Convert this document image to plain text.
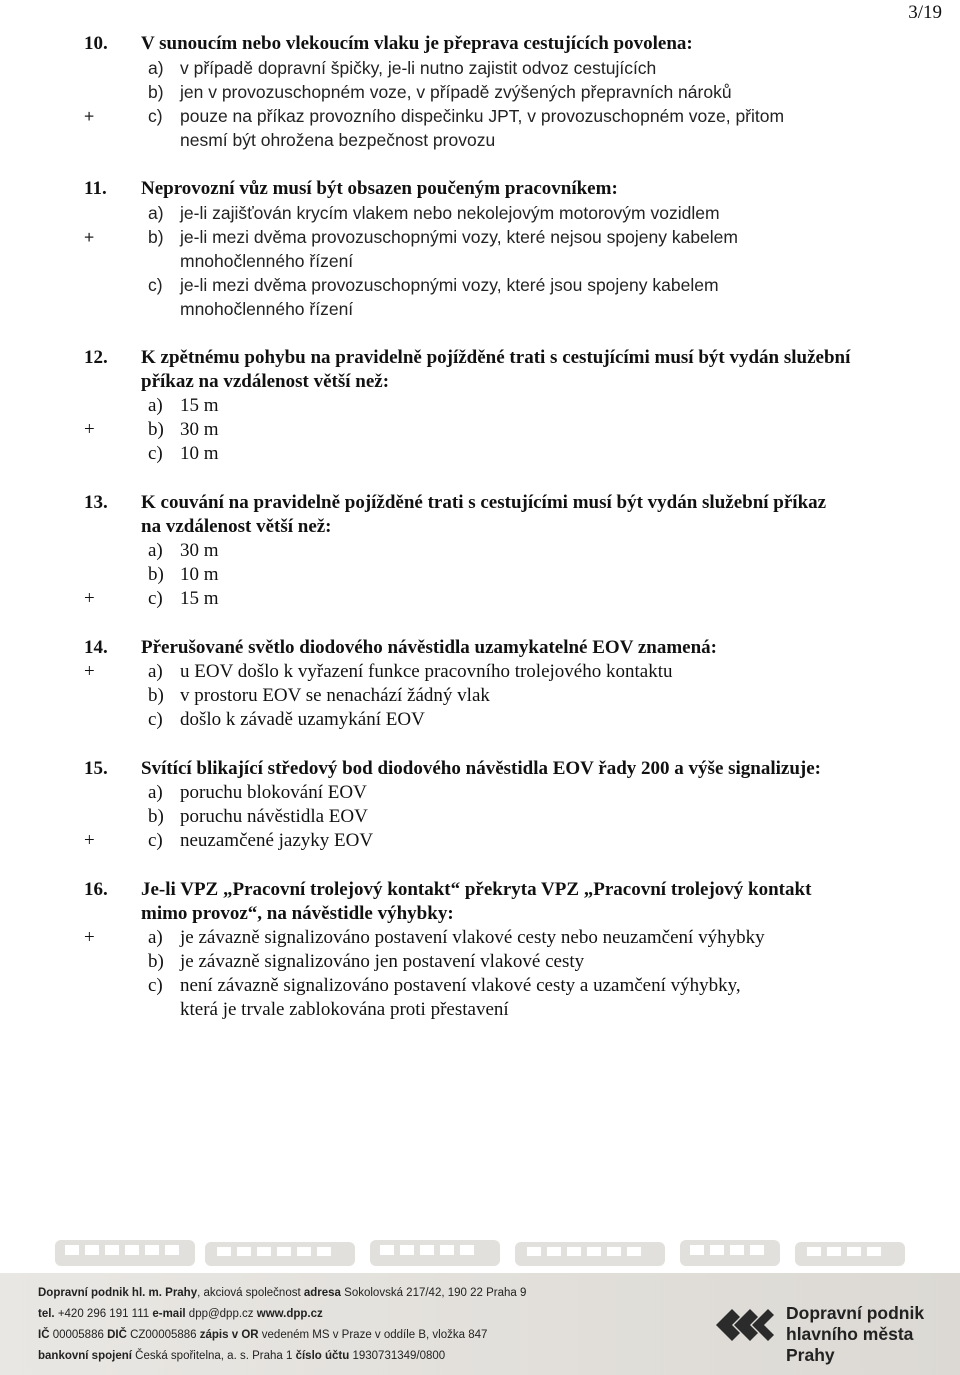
3/19
10. V sunoucím nebo vlekoucím vlaku je přeprava cestujících povolena:
a) v případě dopravní špičky, je-li nutno zajistit odvoz cestujících
b) jen v provozuschopném voze, v případě zvýšených přepravních nároků
+	c) pouze na příkaz provozního dispečinku JPT, v provozuschopném voze, přitom
nesmí být ohrožena bezpečnost provozu
11. Neprovozní vůz musí být obsazen poučeným pracovníkem:
a) je-li zajišťován krycím vlakem nebo nekolejovým motorovým vozidlem
+	b) je-li mezi dvěma provozuschopnými vozy, které nejsou spojeny kabelem
mnohočlenného řízení
c) je-li mezi dvěma provozuschopnými vozy, které jsou spojeny kabelem
mnohočlenného řízení
12. K zpětnému pohybu na pravidelně pojížděné trati s cestujícími musí být vydán služební
příkaz na vzdálenost větší než:
a) 15 m
+	b) 30 m
c) 10 m
13. K couvání na pravidelně pojížděné trati s cestujícími musí být vydán služební příkaz
na vzdálenost větší než:
a) 30 m
b) 10 m
+	c) 15 m
14. Přerušované světlo diodového návěstidla uzamykatelné EOV znamená:
+	a) u EOV došlo k vyřazení funkce pracovního trolejového kontaktu
b) v prostoru EOV se nenachází žádný vlak
c) došlo k závadě uzamykání EOV
15. Svítící blikající středový bod diodového návěstidla EOV řady 200 a výše signalizuje:
a) poruchu blokování EOV
b) poruchu návěstidla EOV
+	c) neuzamčené jazyky EOV
16. Je-li VPZ „Pracovní trolejový kontakt“ překryta VPZ „Pracovní trolejový kontakt
mimo provoz“, na návěstidle výhybky:
+	a) je závazně signalizováno postavení vlakové cesty nebo neuzamčení výhybky
b) je závazně signalizováno jen postavení vlakové cesty
c) není závazně signalizováno postavení vlakové cesty a uzamčení výhybky,
která je trvale zablokována proti přestavení
Dopravní podnik hl. m. Prahy, akciová společnost adresa Sokolovská 217/42, 190 22 Praha 9
tel. +420 296 191 111 e-mail dpp@dpp.cz www.dpp.cz
IČ 00005886 DIČ CZ00005886 zápis v OR vedeném MS v Praze v oddíle B, vložka 847
bankovní spojení Česká spořitelna, a. s. Praha 1 číslo účtu 1930731349/0800
Dopravní podnik
hlavního města Prahy
